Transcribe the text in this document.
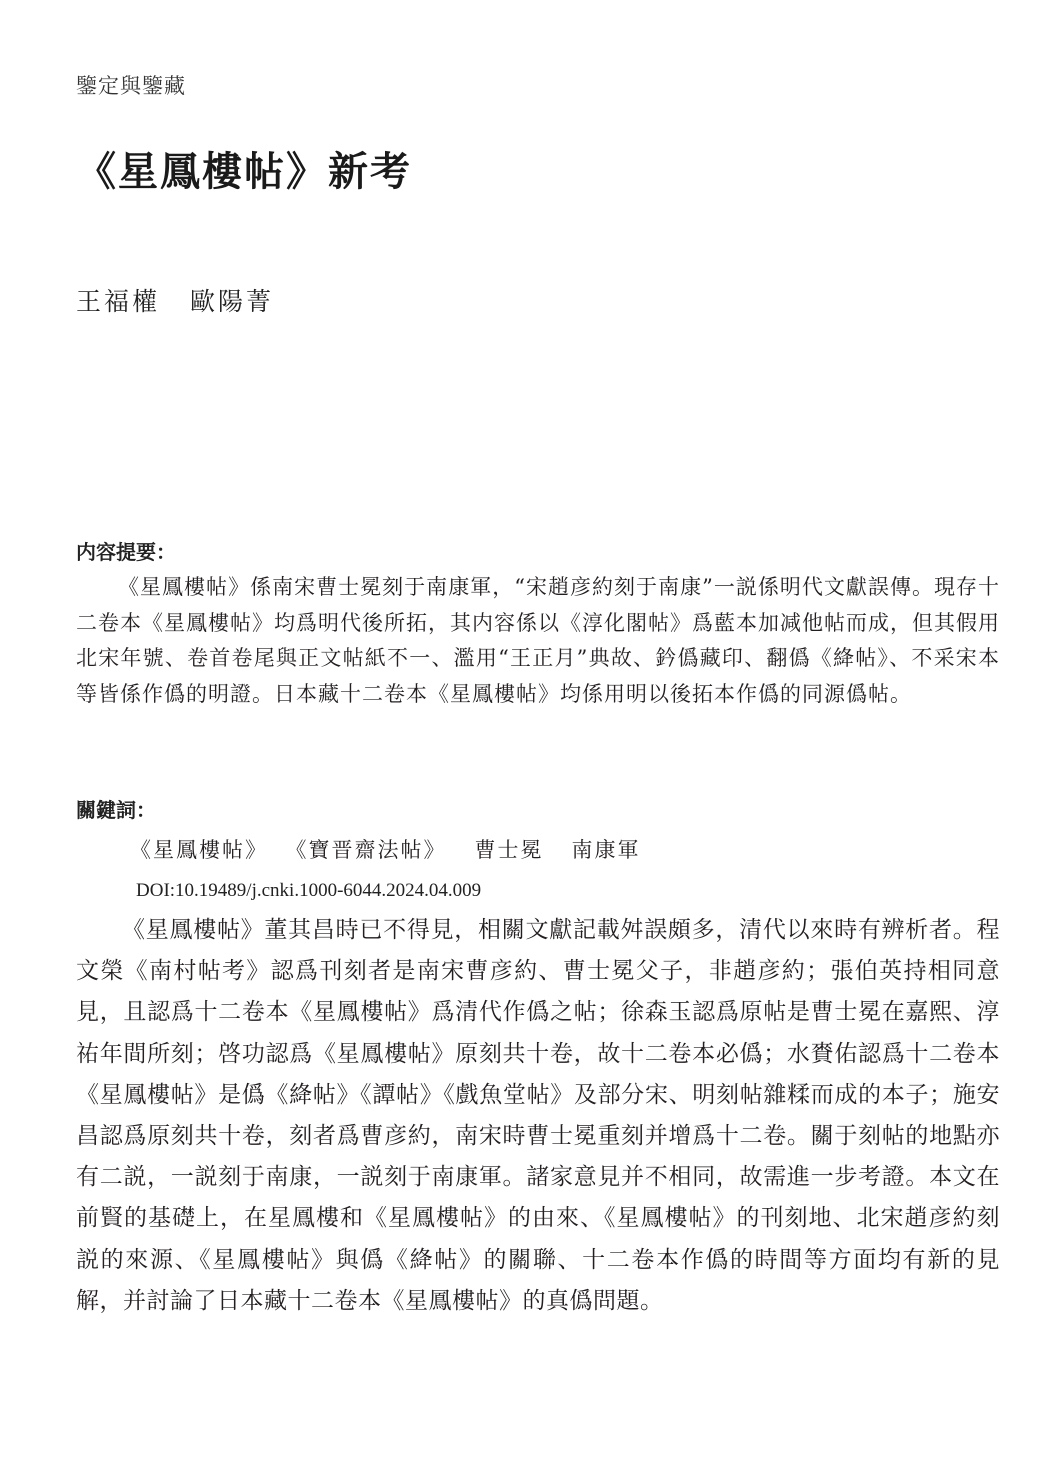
鑒定與鑒藏
《星鳳樓帖》新考
王福權 歐陽菁
内容提要：

《星鳳樓帖》係南宋曹士冕刻于南康軍，“宋趙彦約刻于南康”一説係明代文獻誤傳。現存十二卷本《星鳳樓帖》均爲明代後所拓，其内容係以《淳化閣帖》爲藍本加减他帖而成，但其假用北宋年號、卷首卷尾與正文帖紙不一、濫用“王正月”典故、鈐僞藏印、翻僞《絳帖》、不采宋本等皆係作僞的明證。日本藏十二卷本《星鳳樓帖》均係用明以後拓本作僞的同源僞帖。

關鍵詞：
《星鳳樓帖》 《寶晋齋法帖》 曹士冕 南康軍
DOI:10.19489/j.cnki.1000-6044.2024.04.009

《星鳳樓帖》董其昌時已不得見，相關文獻記載舛誤頗多，清代以來時有辨析者。程文榮《南村帖考》認爲刊刻者是南宋曹彦約、曹士冕父子，非趙彦約；張伯英持相同意見，且認爲十二卷本《星鳳樓帖》爲清代作僞之帖；徐森玉認爲原帖是曹士冕在嘉熙、淳祐年間所刻；啓功認爲《星鳳樓帖》原刻共十卷，故十二卷本必僞；水賚佑認爲十二卷本《星鳳樓帖》是僞《絳帖》《譚帖》《戲魚堂帖》及部分宋、明刻帖雜糅而成的本子；施安昌認爲原刻共十卷，刻者爲曹彦約，南宋時曹士冕重刻并增爲十二卷。關于刻帖的地點亦有二説，一説刻于南康，一説刻于南康軍。諸家意見并不相同，故需進一步考證。本文在前賢的基礎上，在星鳳樓和《星鳳樓帖》的由來、《星鳳樓帖》的刊刻地、北宋趙彦約刻説的來源、《星鳳樓帖》與僞《絳帖》的關聯、十二卷本作僞的時間等方面均有新的見解，并討論了日本藏十二卷本《星鳳樓帖》的真僞問題。
